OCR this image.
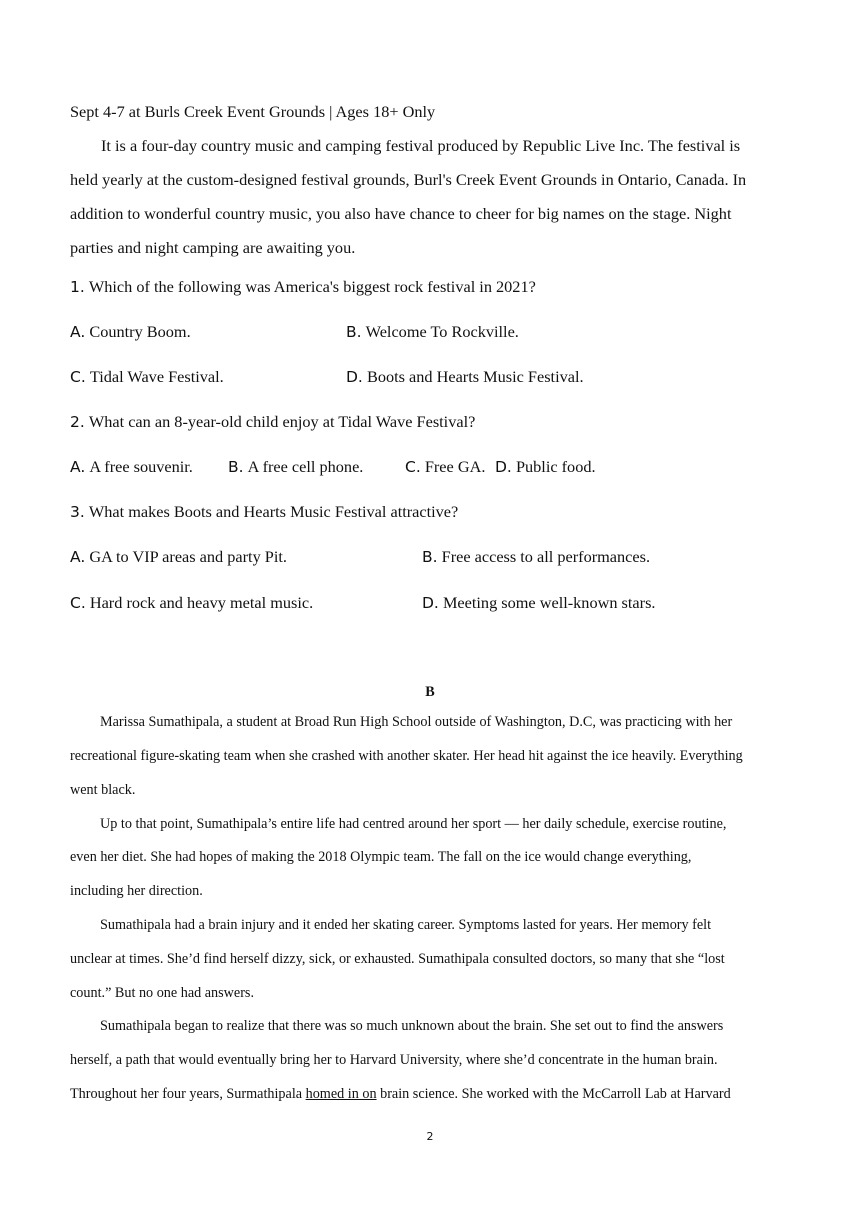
Sept 4-7 at Burls Creek Event Grounds | Ages 18+ Only
It is a four-day country music and camping festival produced by Republic Live Inc. The festival is
held yearly at the custom-designed festival grounds, Burl's Creek Event Grounds in Ontario, Canada. In
addition to wonderful country music, you also have chance to cheer for big names on the stage. Night
parties and night camping are awaiting you.
1. Which of the following was America's biggest rock festival in 2021?
A. Country Boom.	B. Welcome To Rockville.
C. Tidal Wave Festival.	D. Boots and Hearts Music Festival.
2. What can an 8-year-old child enjoy at Tidal Wave Festival?
A. A free souvenir. B. A free cell phone.	C. Free GA. D. Public food.
3. What makes Boots and Hearts Music Festival attractive?
A. GA to VIP areas and party Pit.	B. Free access to all performances.
C. Hard rock and heavy metal music.	D. Meeting some well-known stars.
B
Marissa Sumathipala, a student at Broad Run High School outside of Washington, D.C, was practicing with her
recreational figure-skating team when she crashed with another skater. Her head hit against the ice heavily. Everything
went black.
Up to that point, Sumathipala’s entire life had centred around her sport — her daily schedule, exercise routine,
even her diet. She had hopes of making the 2018 Olympic team. The fall on the ice would change everything,
including her direction.
Sumathipala had a brain injury and it ended her skating career. Symptoms lasted for years. Her memory felt
unclear at times. She’d find herself dizzy, sick, or exhausted. Sumathipala consulted doctors, so many that she “lost
count.” But no one had answers.
Sumathipala began to realize that there was so much unknown about the brain. She set out to find the answers
herself, a path that would eventually bring her to Harvard University, where she’d concentrate in the human brain.
Throughout her four years, Surmathipala homed in on brain science. She worked with the McCarroll Lab at Harvard
2
